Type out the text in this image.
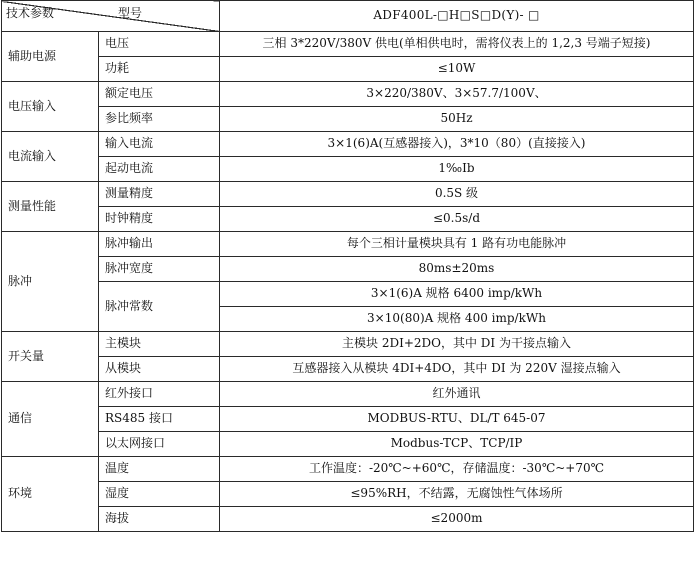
技术参数 型号		ADF400L-□H□S□D(Y)- □
辅助电源	电压	三相 3*220V/380V 供电(单相供电时，需将仪表上的 1,2,3 号端子短接)
	功耗	≤10W
电压输入	额定电压	3×220/380V、3×57.7/100V、
	参比频率	50Hz
电流输入	输入电流	3×1(6)A(互感器接入)，3*10（80）(直接接入)
	起动电流	1‰Ib
测量性能	测量精度	0.5S 级
	时钟精度	≤0.5s/d
脉冲	脉冲输出	每个三相计量模块具有 1 路有功电能脉冲
	脉冲宽度	80ms±20ms
	脉冲常数	3×1(6)A 规格 6400 imp/kWh
		3×10(80)A 规格 400 imp/kWh
开关量	主模块	主模块 2DI+2DO，其中 DI 为干接点输入
	从模块	互感器接入从模块 4DI+4DO，其中 DI 为 220V 湿接点输入
通信	红外接口	红外通讯
	RS485 接口	MODBUS-RTU、DL/T 645-07
	以太网接口	Modbus-TCP、TCP/IP
环境	温度	工作温度：-20℃~+60℃，存储温度：-30℃~+70℃
	湿度	≤95%RH，不结露，无腐蚀性气体场所
	海拔	≤2000m
